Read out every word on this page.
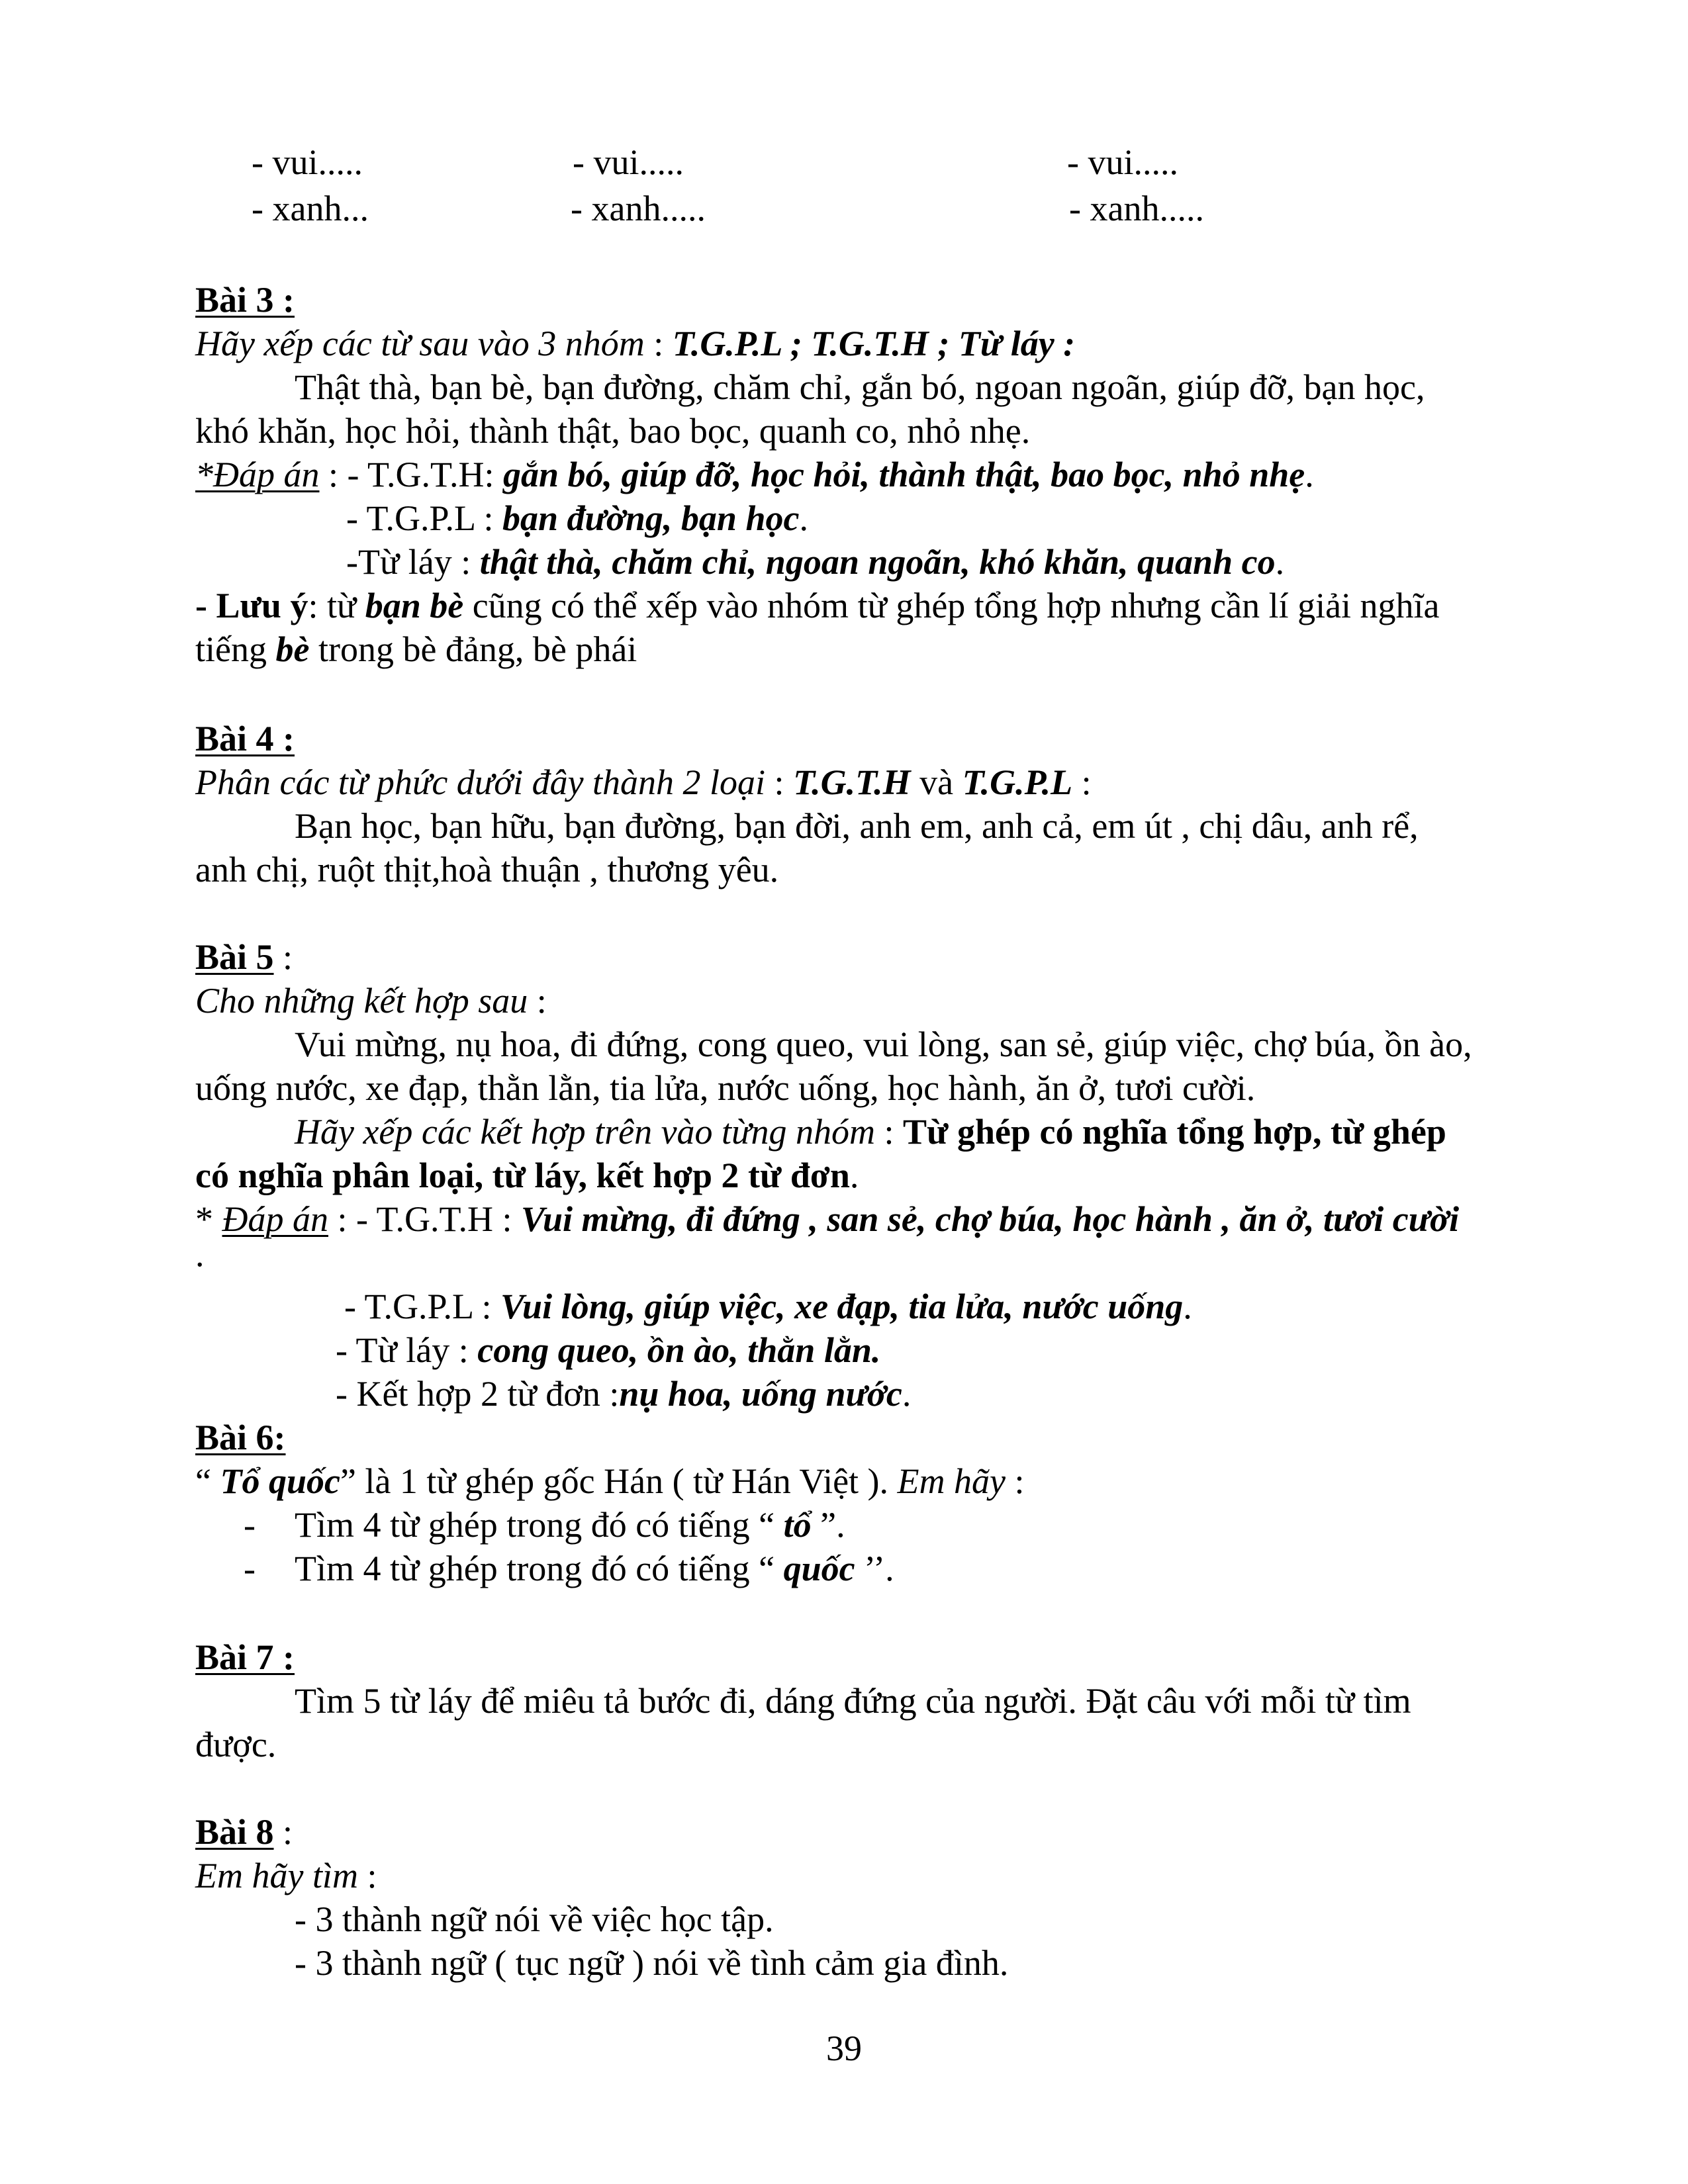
- vui.....	- vui.....	- vui.....
- xanh...	- xanh.....	- xanh.....
Bài 3 :
Hãy xếp các từ sau vào 3 nhóm : T.G.P.L ; T.G.T.H ; Từ láy :
Thật thà, bạn bè, bạn đường, chăm chỉ, gắn bó, ngoan ngoãn, giúp đỡ, bạn học,
khó khăn, học hỏi, thành thật, bao bọc, quanh co, nhỏ nhẹ.
*Đáp án : - T.G.T.H: gắn bó, giúp đỡ, học hỏi, thành thật, bao bọc, nhỏ nhẹ.
- T.G.P.L : bạn đường, bạn học.
-Từ láy : thật thà, chăm chỉ, ngoan ngoãn, khó khăn, quanh co.
- Lưu ý: từ bạn bè cũng có thể xếp vào nhóm từ ghép tổng hợp nhưng cần lí giải nghĩa
tiếng bè trong bè đảng, bè phái
Bài 4 :
Phân các từ phức dưới đây thành 2 loại : T.G.T.H và T.G.P.L :
Bạn học, bạn hữu, bạn đường, bạn đời, anh em, anh cả, em út , chị dâu, anh rể,
anh chị, ruột thịt,hoà thuận , thương yêu.
Bài 5 :
Cho những kết hợp sau :
Vui mừng, nụ hoa, đi đứng, cong queo, vui lòng, san sẻ, giúp việc, chợ búa, ồn ào,
uống nước, xe đạp, thằn lằn, tia lửa, nước uống, học hành, ăn ở, tươi cười.
Hãy xếp các kết hợp trên vào từng nhóm : Từ ghép có nghĩa tổng hợp, từ ghép
có nghĩa phân loại, từ láy, kết hợp 2 từ đơn.
* Đáp án : - T.G.T.H : Vui mừng, đi đứng , san sẻ, chợ búa, học hành , ăn ở, tươi cười
.
- T.G.P.L : Vui lòng, giúp việc, xe đạp, tia lửa, nước uống.
- Từ láy : cong queo, ồn ào, thằn lằn.
- Kết hợp 2 từ đơn :nụ hoa, uống nước.
Bài 6:
“ Tổ quốc” là 1 từ ghép gốc Hán ( từ Hán Việt ). Em hãy :
- Tìm 4 từ ghép trong đó có tiếng “ tổ ”.
- Tìm 4 từ ghép trong đó có tiếng “ quốc ’’.
Bài 7 :
Tìm 5 từ láy để miêu tả bước đi, dáng đứng của người. Đặt câu với mỗi từ tìm
được.
Bài 8 :
Em hãy tìm :
- 3 thành ngữ nói về việc học tập.
- 3 thành ngữ ( tục ngữ ) nói về tình cảm gia đình.
39
